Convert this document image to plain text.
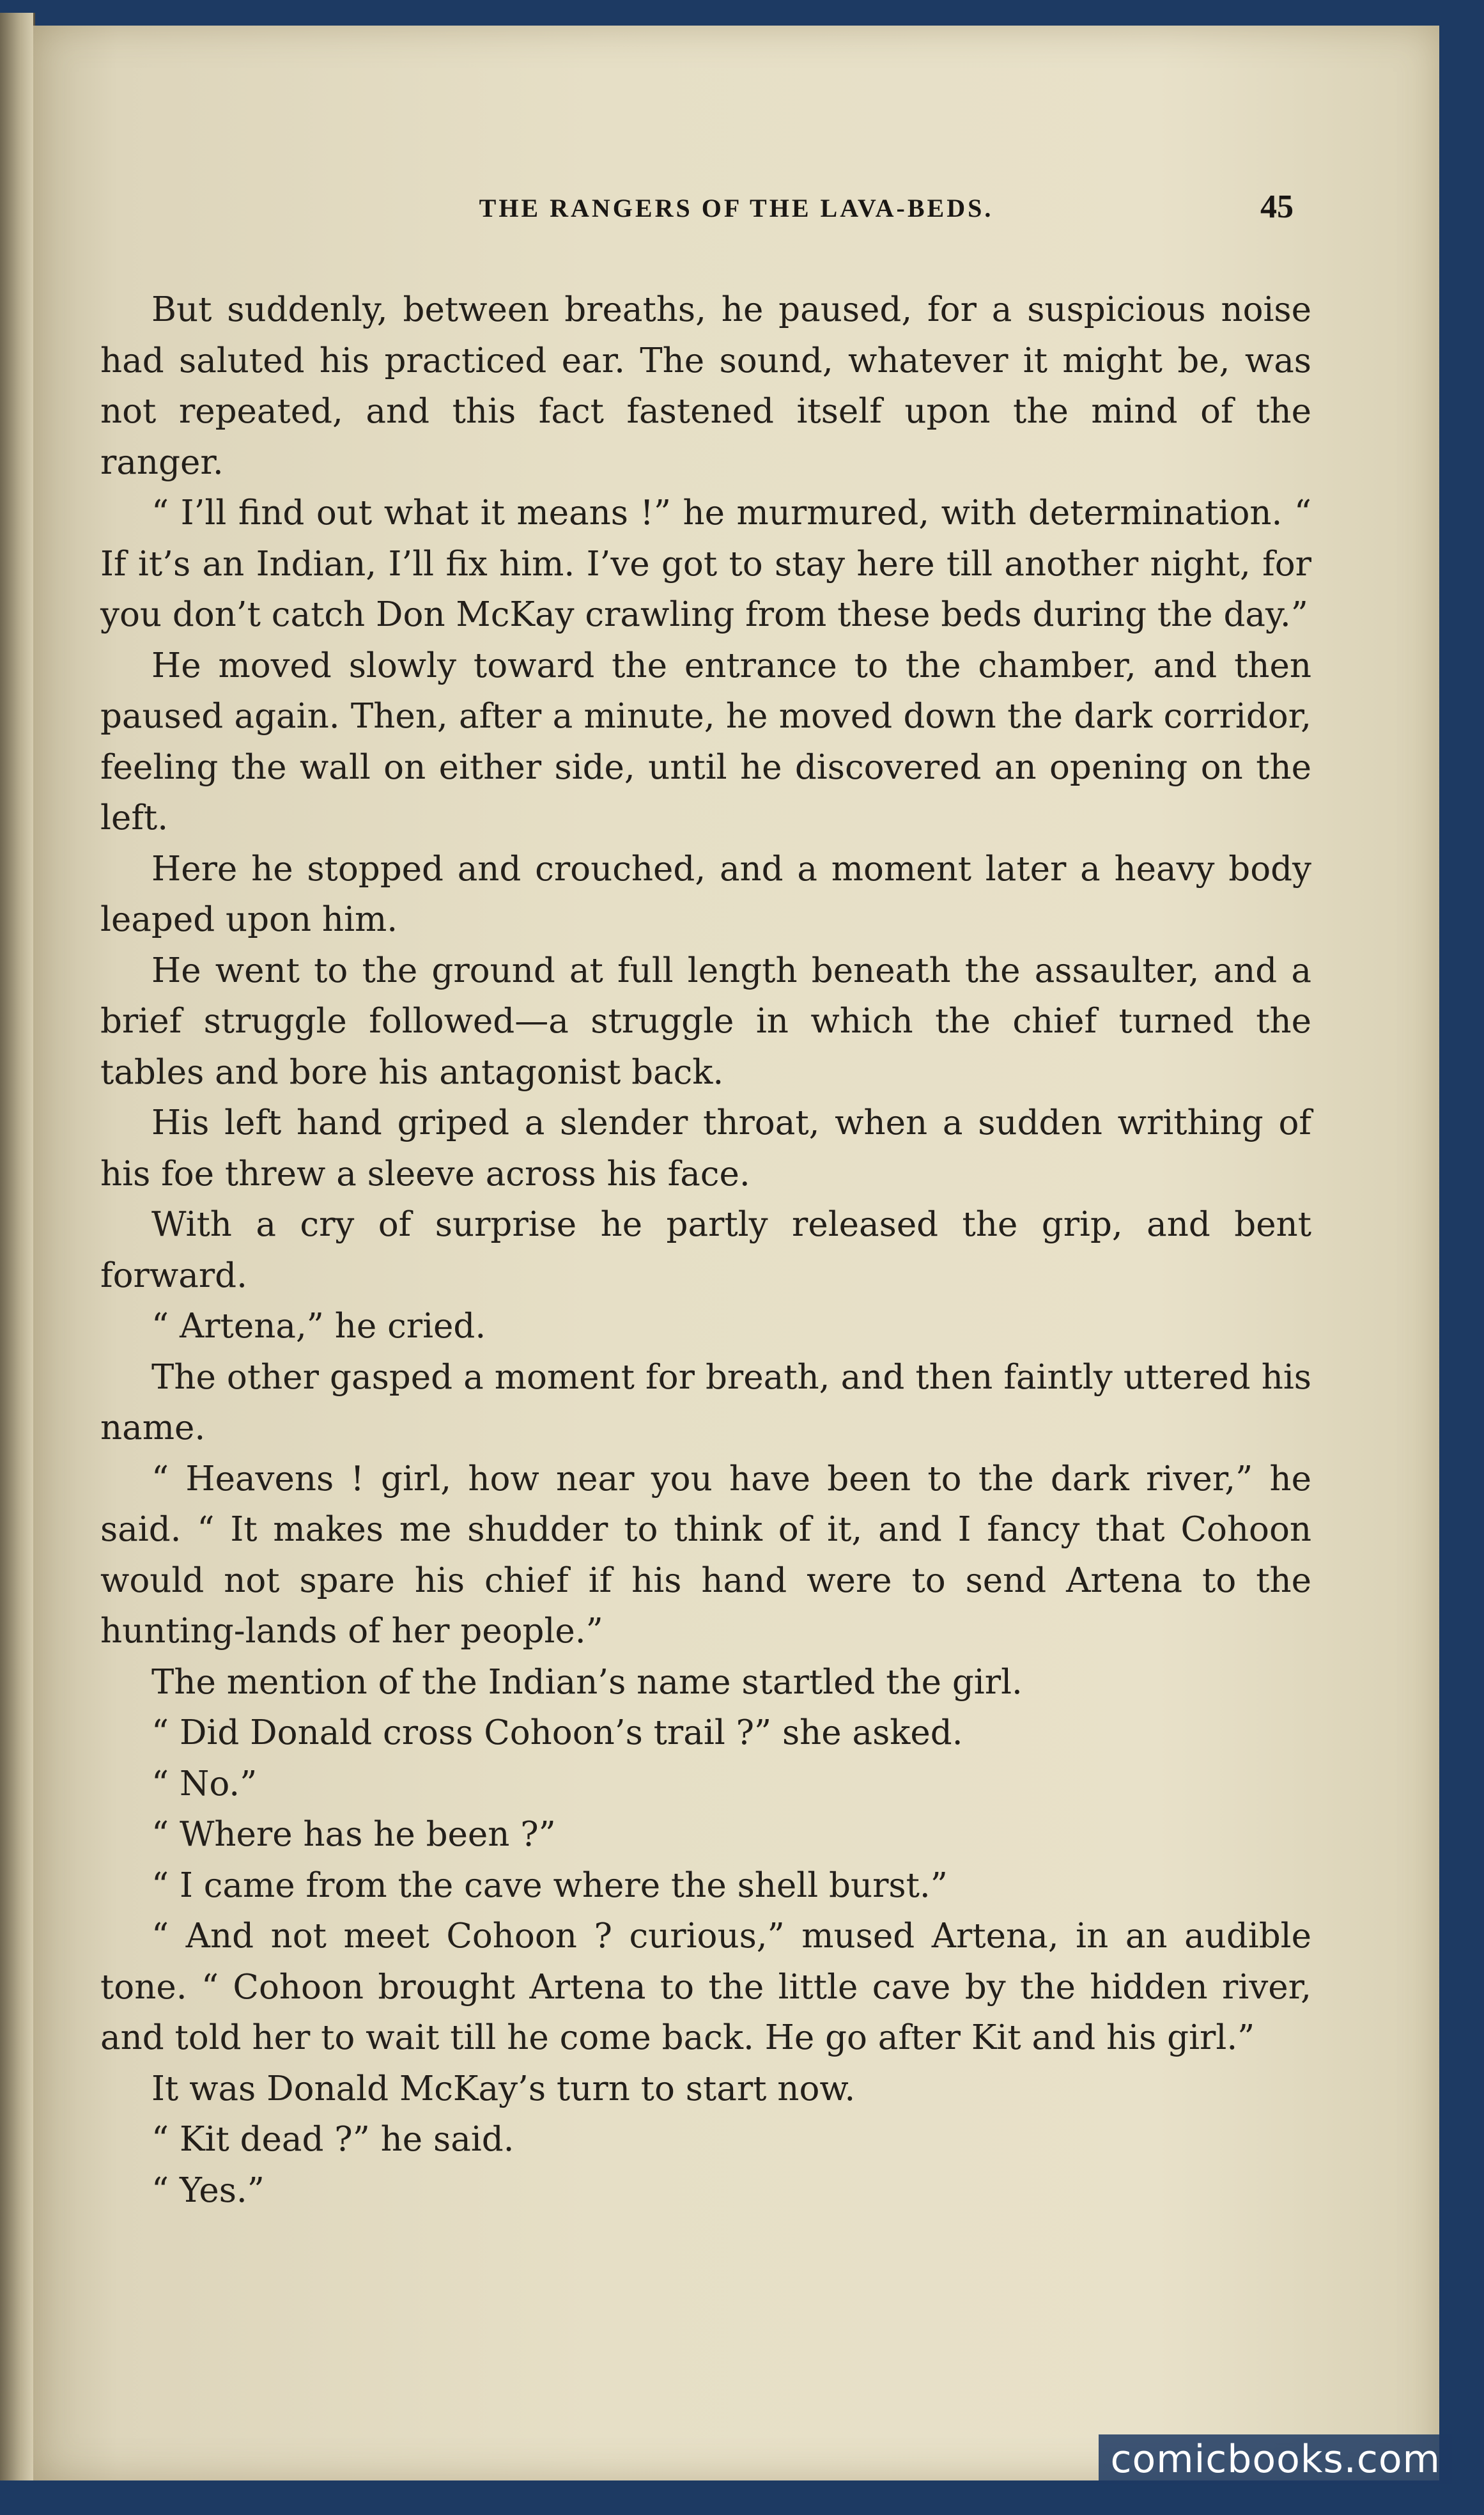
THE RANGERS OF THE LAVA-BEDS.	45

But suddenly, between breaths, he paused, for a suspicious noise had saluted his practiced ear. The sound, whatever it might be, was not repeated, and this fact fastened itself upon the mind of the ranger.

“ I’ll find out what it means !” he murmured, with determination. “ If it’s an Indian, I’ll fix him. I’ve got to stay here till another night, for you don’t catch Don McKay crawling from these beds during the day.”

He moved slowly toward the entrance to the chamber, and then paused again. Then, after a minute, he moved down the dark corridor, feeling the wall on either side, until he discovered an opening on the left.

Here he stopped and crouched, and a moment later a heavy body leaped upon him.

He went to the ground at full length beneath the assaulter, and a brief struggle followed—a struggle in which the chief turned the tables and bore his antagonist back.

His left hand griped a slender throat, when a sudden writhing of his foe threw a sleeve across his face.

With a cry of surprise he partly released the grip, and bent forward.

“ Artena,” he cried.

The other gasped a moment for breath, and then faintly uttered his name.

“ Heavens ! girl, how near you have been to the dark river,” he said. “ It makes me shudder to think of it, and I fancy that Cohoon would not spare his chief if his hand were to send Artena to the hunting-lands of her people.”

The mention of the Indian’s name startled the girl.

“ Did Donald cross Cohoon’s trail ?” she asked.

“ No.”

“ Where has he been ?”

“ I came from the cave where the shell burst.”

“ And not meet Cohoon ? curious,” mused Artena, in an audible tone. “ Cohoon brought Artena to the little cave by the hidden river, and told her to wait till he come back. He go after Kit and his girl.”

It was Donald McKay’s turn to start now.

“ Kit dead ?” he said.

“ Yes.”

comicbooks.com
